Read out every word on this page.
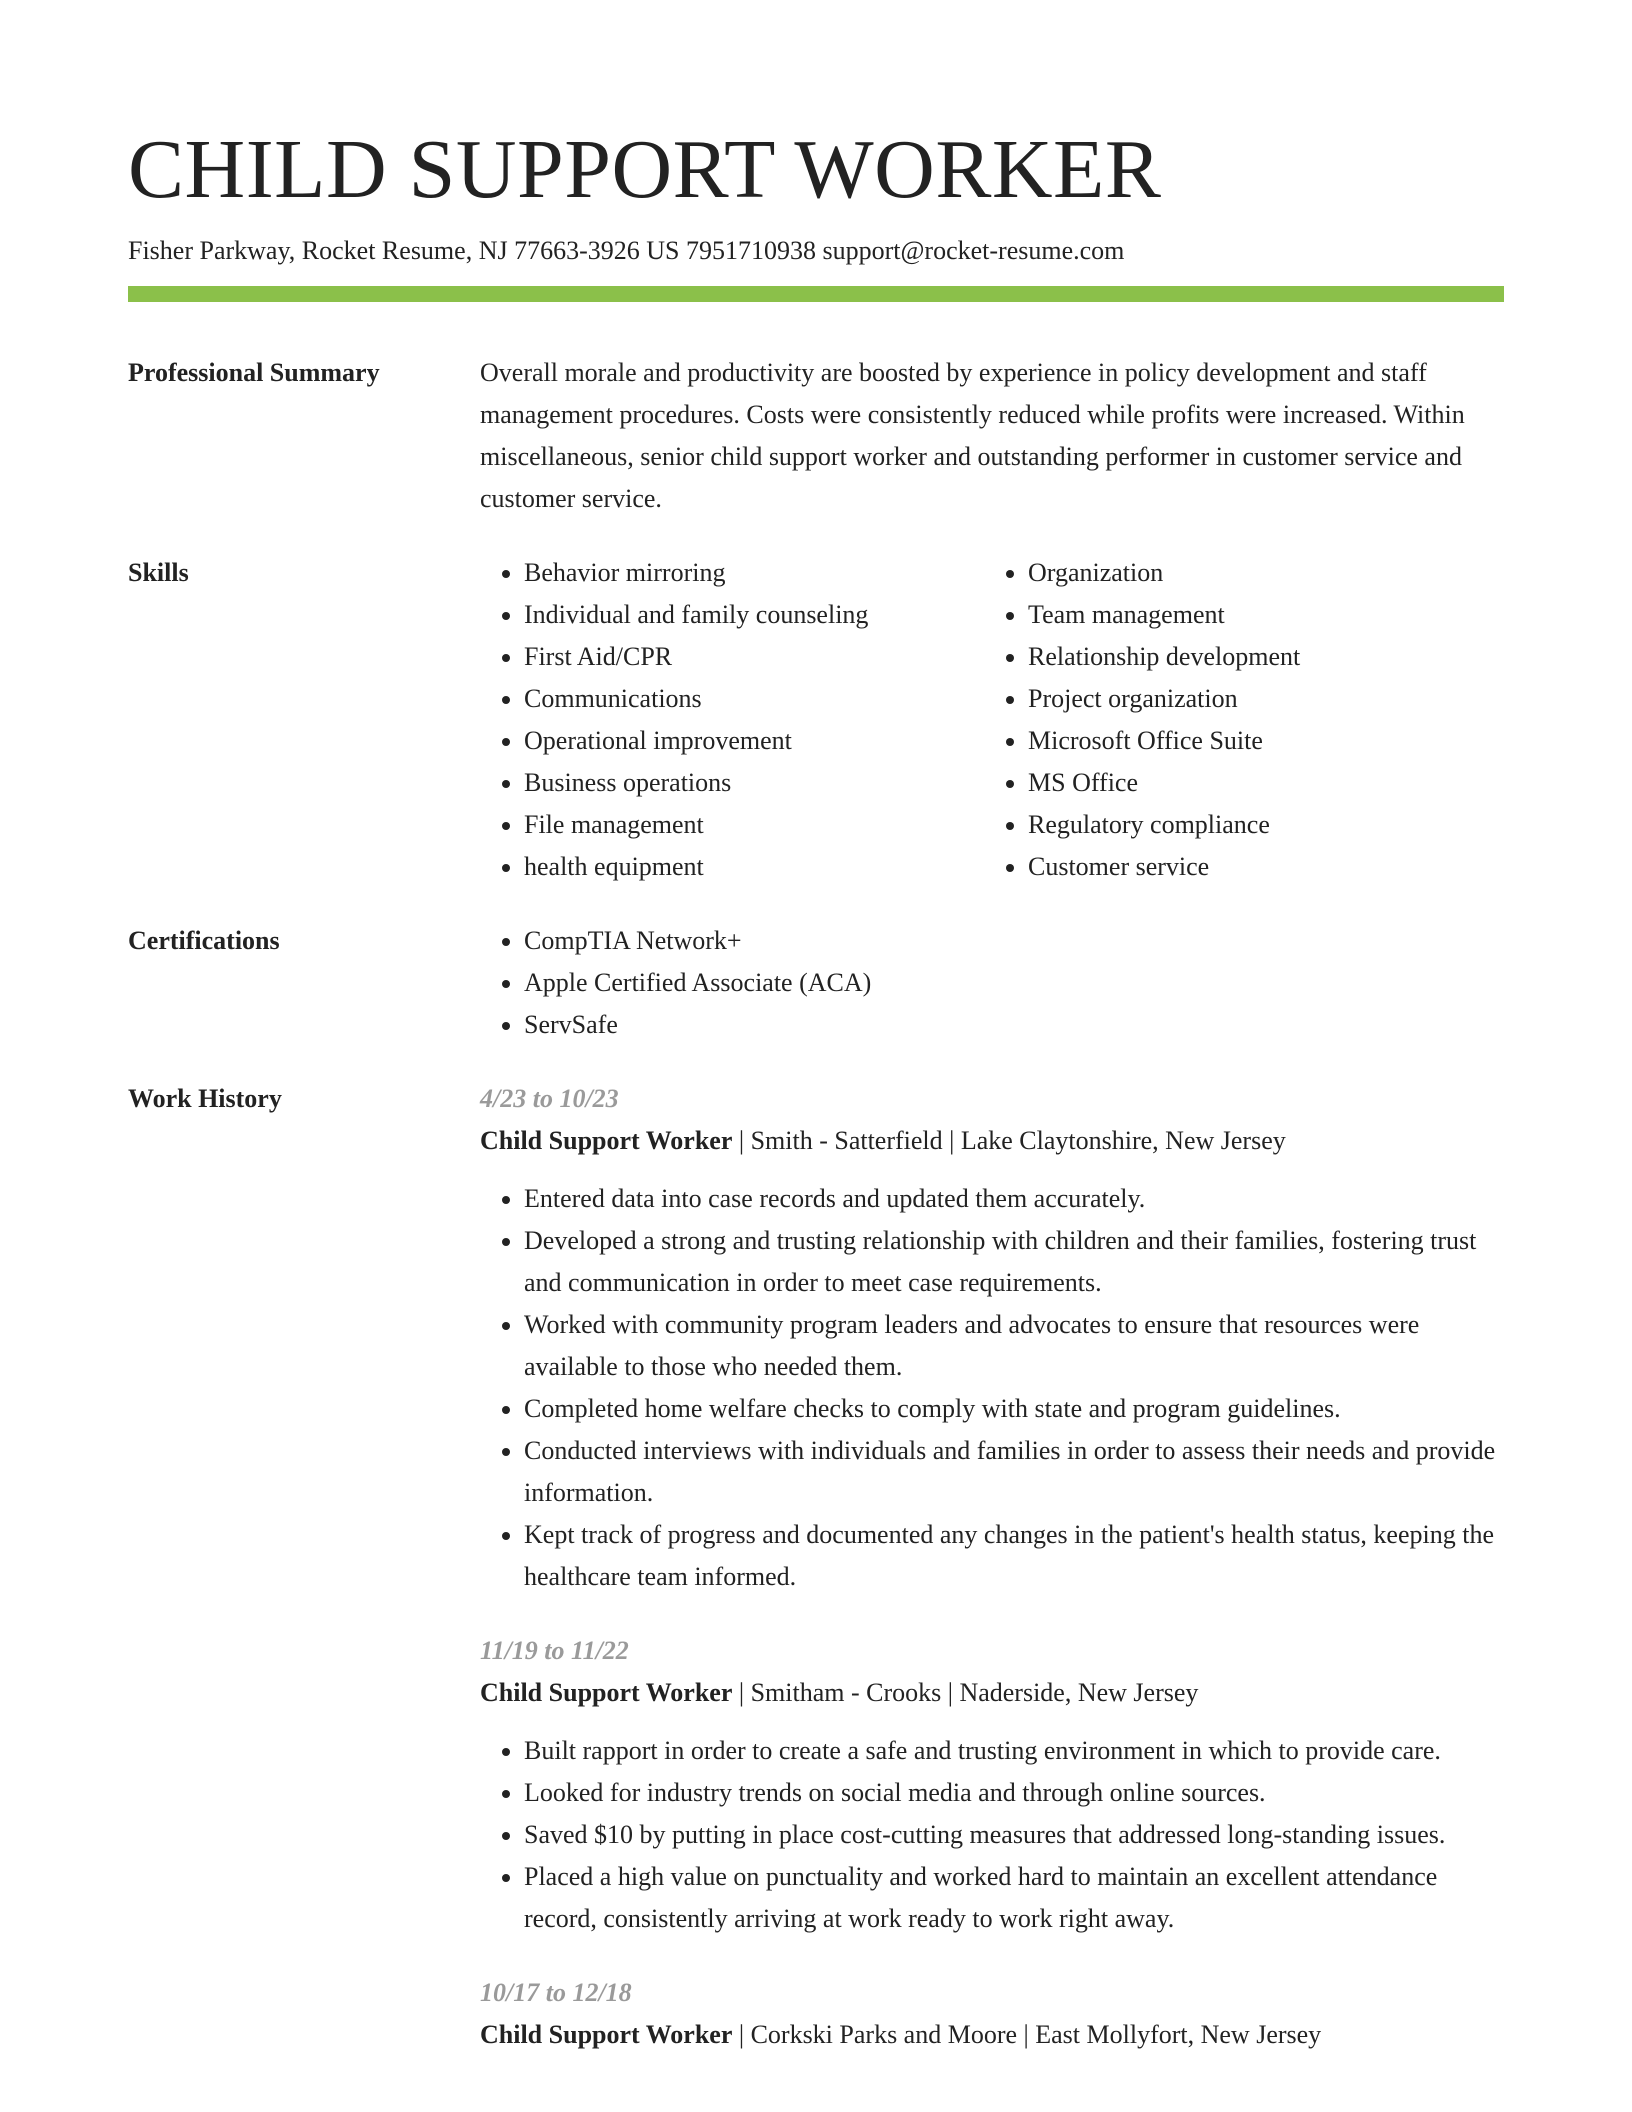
CHILD SUPPORT WORKER
Fisher Parkway, Rocket Resume, NJ 77663-3926 US 7951710938 support@rocket-resume.com
Professional Summary	Overall morale and productivity are boosted by experience in policy development and staff management procedures. Costs were consistently reduced while profits were increased. Within miscellaneous, senior child support worker and outstanding performer in customer service and customer service.
Skills	• Behavior mirroring
• Individual and family counseling
• First Aid/CPR
• Communications
• Operational improvement
• Business operations
• File management
• health equipment
• Organization
• Team management
• Relationship development
• Project organization
• Microsoft Office Suite
• MS Office
• Regulatory compliance
• Customer service
Certifications	• CompTIA Network+
• Apple Certified Associate (ACA)
• ServSafe
Work History	4/23 to 10/23
Child Support Worker | Smith - Satterfield | Lake Claytonshire, New Jersey
• Entered data into case records and updated them accurately.
• Developed a strong and trusting relationship with children and their families, fostering trust and communication in order to meet case requirements.
• Worked with community program leaders and advocates to ensure that resources were available to those who needed them.
• Completed home welfare checks to comply with state and program guidelines.
• Conducted interviews with individuals and families in order to assess their needs and provide information.
• Kept track of progress and documented any changes in the patient's health status, keeping the healthcare team informed.
11/19 to 11/22
Child Support Worker | Smitham - Crooks | Naderside, New Jersey
• Built rapport in order to create a safe and trusting environment in which to provide care.
• Looked for industry trends on social media and through online sources.
• Saved $10 by putting in place cost-cutting measures that addressed long-standing issues.
• Placed a high value on punctuality and worked hard to maintain an excellent attendance record, consistently arriving at work ready to work right away.
10/17 to 12/18
Child Support Worker | Corkski Parks and Moore | East Mollyfort, New Jersey
